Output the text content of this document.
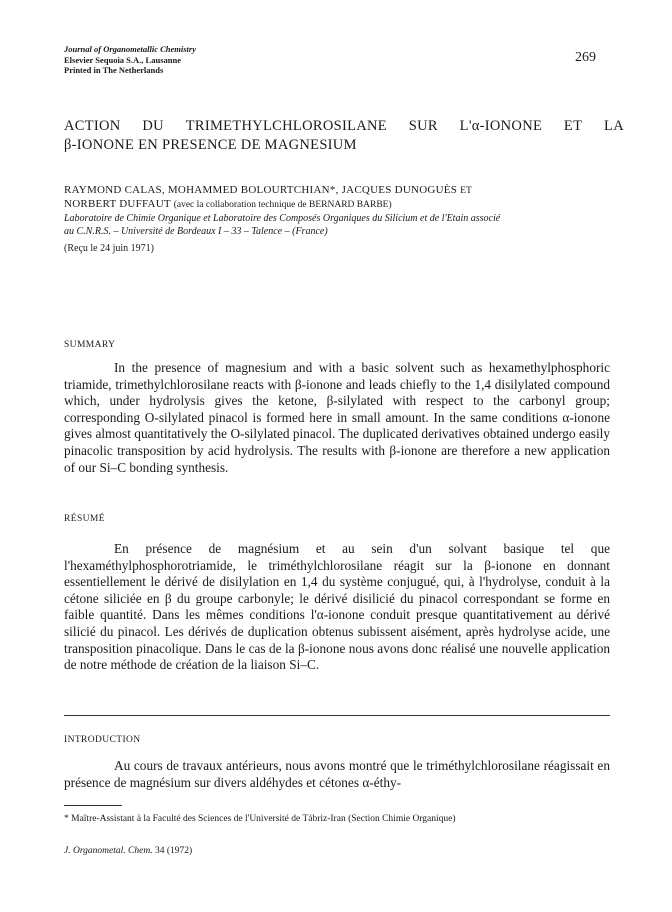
Journal of Organometallic Chemistry
Elsevier Sequoia S.A., Lausanne
Printed in The Netherlands
269
ACTION DU TRIMETHYLCHLOROSILANE SUR L'α-IONONE ET LA
β-IONONE EN PRESENCE DE MAGNESIUM
RAYMOND CALAS, MOHAMMED BOLOURTCHIAN*, JACQUES DUNOGUÈS ET
NORBERT DUFFAUT (avec la collaboration technique de BERNARD BARBE)
Laboratoire de Chimie Organique et Laboratoire des Composés Organiques du Silicium et de l'Etain associé
au C.N.R.S. – Université de Bordeaux I – 33 – Talence – (France)
(Reçu le 24 juin 1971)
SUMMARY

In the presence of magnesium and with a basic solvent such as hexamethylphosphoric triamide, trimethylchlorosilane reacts with β-ionone and leads chiefly to the 1,4 disilylated compound which, under hydrolysis gives the ketone, β-silylated with respect to the carbonyl group; corresponding O-silylated pinacol is formed here in small amount. In the same conditions α-ionone gives almost quantitatively the O-silylated pinacol. The duplicated derivatives obtained undergo easily pinacolic transposition by acid hydrolysis. The results with β-ionone are therefore a new application of our Si–C bonding synthesis.

RÉSUMÉ

En présence de magnésium et au sein d'un solvant basique tel que l'hexaméthylphosphorotriamide, le triméthylchlorosilane réagit sur la β-ionone en donnant essentiellement le dérivé de disilylation en 1,4 du système conjugué, qui, à l'hydrolyse, conduit à la cétone siliciée en β du groupe carbonyle; le dérivé disilicié du pinacol correspondant se forme en faible quantité. Dans les mêmes conditions l'α-ionone conduit presque quantitativement au dérivé silicié du pinacol. Les dérivés de duplication obtenus subissent aisément, après hydrolyse acide, une transposition pinacolique. Dans le cas de la β-ionone nous avons donc réalisé une nouvelle application de notre méthode de création de la liaison Si–C.

INTRODUCTION

Au cours de travaux antérieurs, nous avons montré que le triméthylchlorosilane réagissait en présence de magnésium sur divers aldéhydes et cétones α-éthy-

* Maître-Assistant à la Faculté des Sciences de l'Université de Tábriz-Iran (Section Chimie Organique)
J. Organometal. Chem. 34 (1972)
